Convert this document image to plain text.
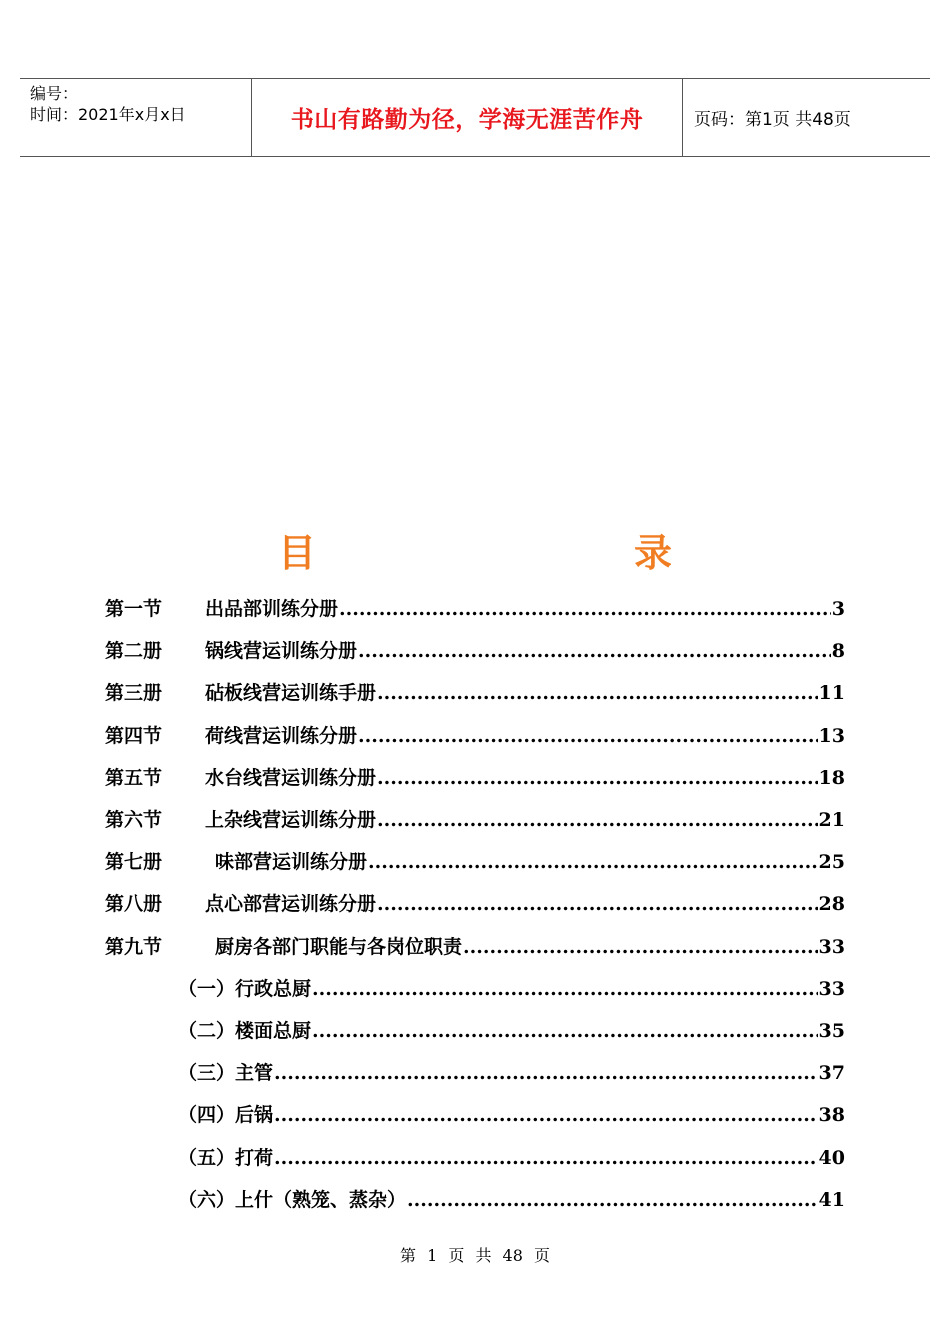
编号：
时间：2021年x月x日	书山有路勤为径，学海无涯苦作舟	页码：第1页 共48页
目　录
第一节	出品部训练分册 .....	3
第二册	锅线营运训练分册 .....	8
第三册	砧板线营运训练手册 .....	11
第四节	荷线营运训练分册 .....	13
第五节	水台线营运训练分册 .....	18
第六节	上杂线营运训练分册 .....	21
第七册	味部营运训练分册 .....	25
第八册	点心部营运训练分册 .....	28
第九节	厨房各部门职能与各岗位职责 .....	33
（一）行政总厨 .....	33
（二）楼面总厨 .....	35
（三）主管 .....	37
（四）后锅 .....	38
（五）打荷 .....	40
（六）上什（熟笼、蒸杂） .....	41
第 1 页 共 48 页
